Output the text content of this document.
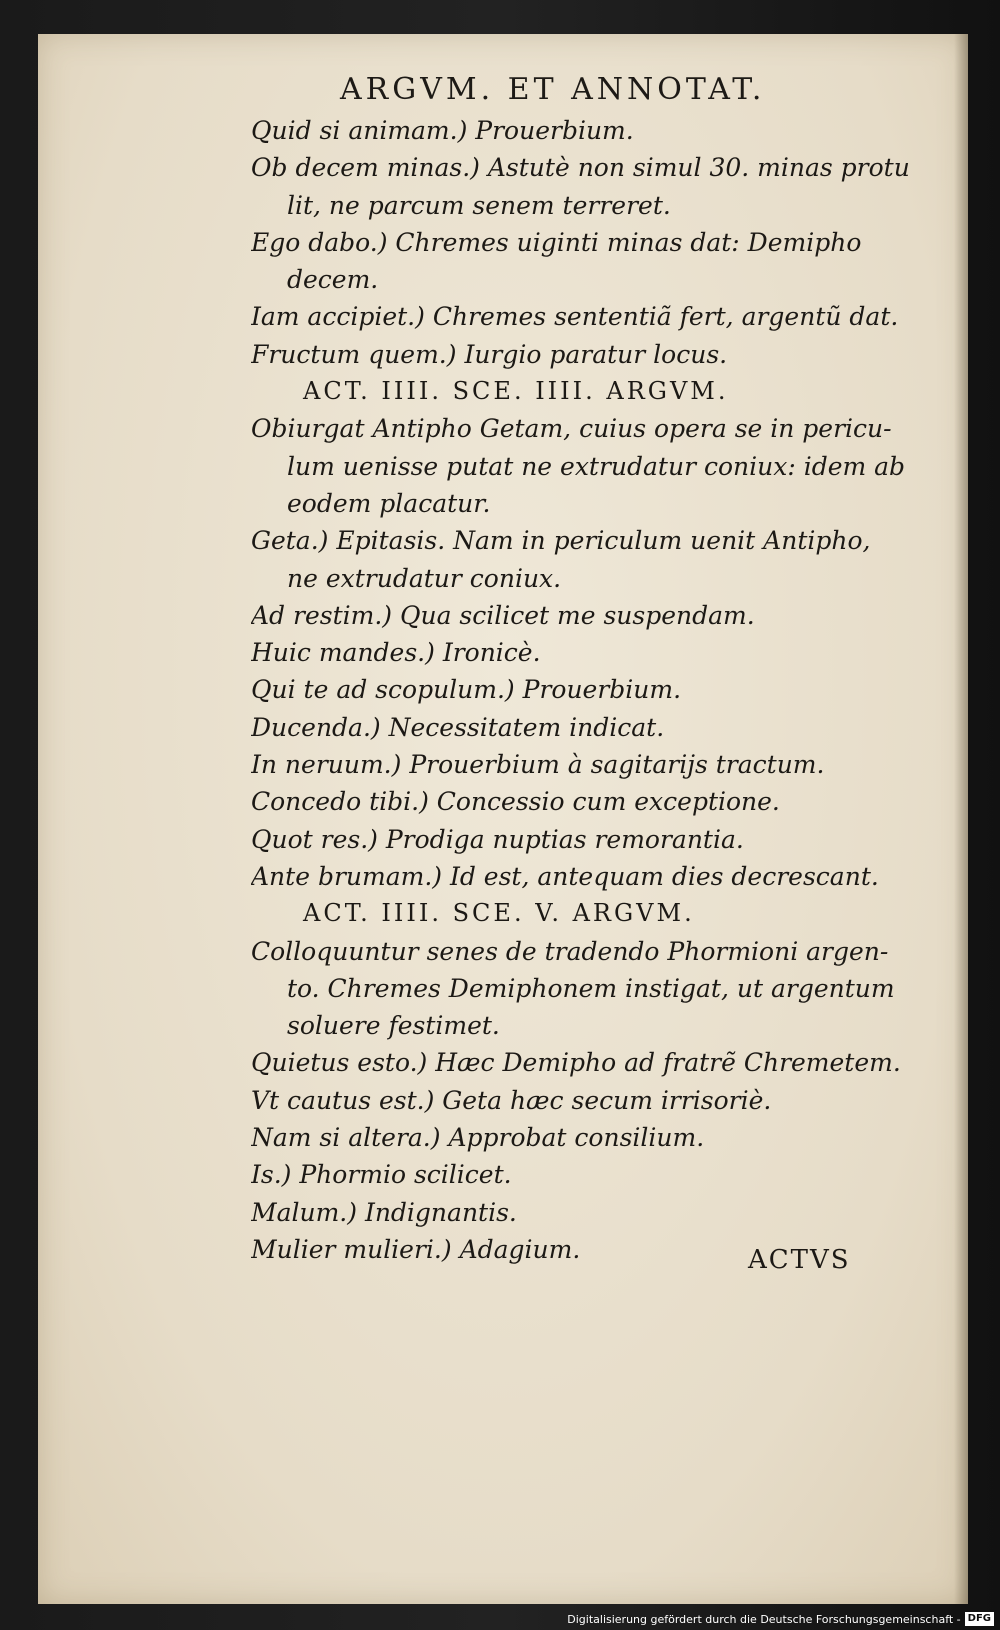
ARGVM. ET ANNOTAT.
Quid si animam.) Prouerbium.
Ob decem minas.) Astutè non simul 30. minas protu
lit, ne parcum senem terreret.
Ego dabo.) Chremes uiginti minas dat: Demipho
decem.
Iam accipiet.) Chremes sententiã fert, argentũ dat.
Fructum quem.) Iurgio paratur locus.
ACT. IIII. SCE. IIII. ARGVM.
Obiurgat Antipho Getam, cuius opera se in pericu-
lum uenisse putat ne extrudatur coniux: idem ab
eodem placatur.
Geta.) Epitasis. Nam in periculum uenit Antipho,
ne extrudatur coniux.
Ad restim.) Qua scilicet me suspendam.
Huic mandes.) Ironicè.
Qui te ad scopulum.) Prouerbium.
Ducenda.) Necessitatem indicat.
In neruum.) Prouerbium à sagitarijs tractum.
Concedo tibi.) Concessio cum exceptione.
Quot res.) Prodiga nuptias remorantia.
Ante brumam.) Id est, antequam dies decrescant.
ACT. IIII. SCE. V. ARGVM.
Colloquuntur senes de tradendo Phormioni argen-
to. Chremes Demiphonem instigat, ut argentum
soluere festimet.
Quietus esto.) Hæc Demipho ad fratrẽ Chremetem.
Vt cautus est.) Geta hæc secum irrisoriè.
Nam si altera.) Approbat consilium.
Is.) Phormio scilicet.
Malum.) Indignantis.
Mulier mulieri.) Adagium.	ACTVS
Digitalisierung gefördert durch die Deutsche Forschungsgemeinschaft - DFG
